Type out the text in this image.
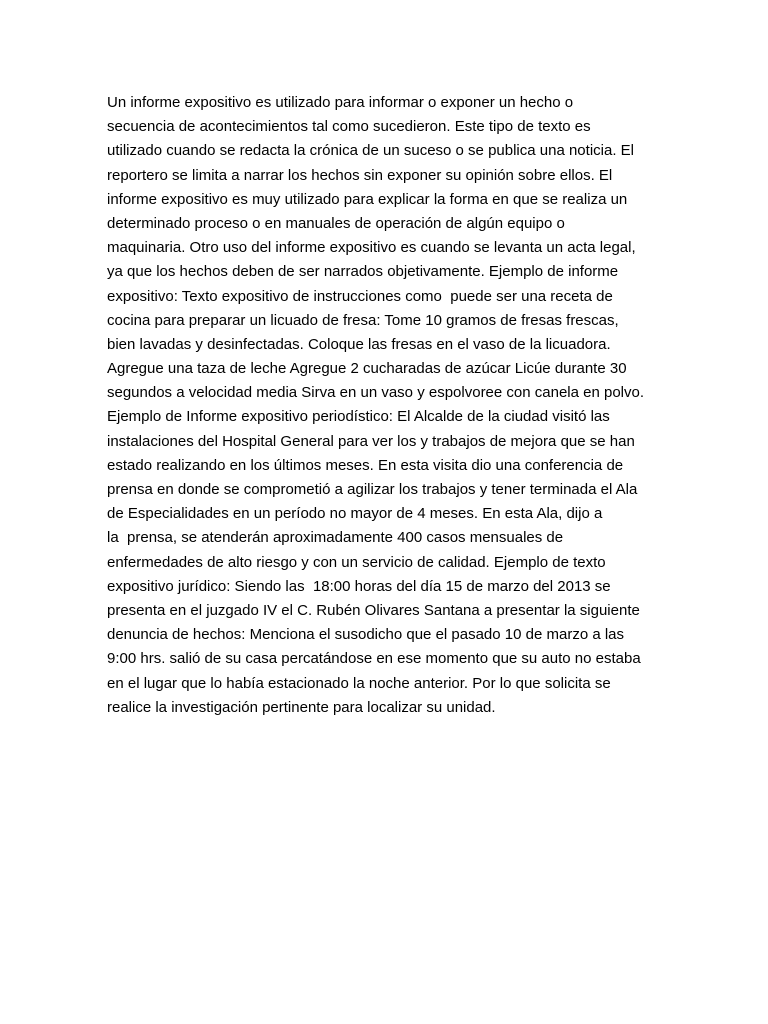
Un informe expositivo es utilizado para informar o exponer un hecho o
secuencia de acontecimientos tal como sucedieron. Este tipo de texto es
utilizado cuando se redacta la crónica de un suceso o se publica una noticia. El
reportero se limita a narrar los hechos sin exponer su opinión sobre ellos. El
informe expositivo es muy utilizado para explicar la forma en que se realiza un
determinado proceso o en manuales de operación de algún equipo o
maquinaria. Otro uso del informe expositivo es cuando se levanta un acta legal,
ya que los hechos deben de ser narrados objetivamente. Ejemplo de informe
expositivo: Texto expositivo de instrucciones como  puede ser una receta de
cocina para preparar un licuado de fresa: Tome 10 gramos de fresas frescas,
bien lavadas y desinfectadas. Coloque las fresas en el vaso de la licuadora.
Agregue una taza de leche Agregue 2 cucharadas de azúcar Licúe durante 30
segundos a velocidad media Sirva en un vaso y espolvoree con canela en polvo.
Ejemplo de Informe expositivo periodístico: El Alcalde de la ciudad visitó las
instalaciones del Hospital General para ver los y trabajos de mejora que se han
estado realizando en los últimos meses. En esta visita dio una conferencia de
prensa en donde se comprometió a agilizar los trabajos y tener terminada el Ala
de Especialidades en un período no mayor de 4 meses. En esta Ala, dijo a
la  prensa, se atenderán aproximadamente 400 casos mensuales de
enfermedades de alto riesgo y con un servicio de calidad. Ejemplo de texto
expositivo jurídico: Siendo las  18:00 horas del día 15 de marzo del 2013 se
presenta en el juzgado IV el C. Rubén Olivares Santana a presentar la siguiente
denuncia de hechos: Menciona el susodicho que el pasado 10 de marzo a las
9:00 hrs. salió de su casa percatándose en ese momento que su auto no estaba
en el lugar que lo había estacionado la noche anterior. Por lo que solicita se
realice la investigación pertinente para localizar su unidad.
